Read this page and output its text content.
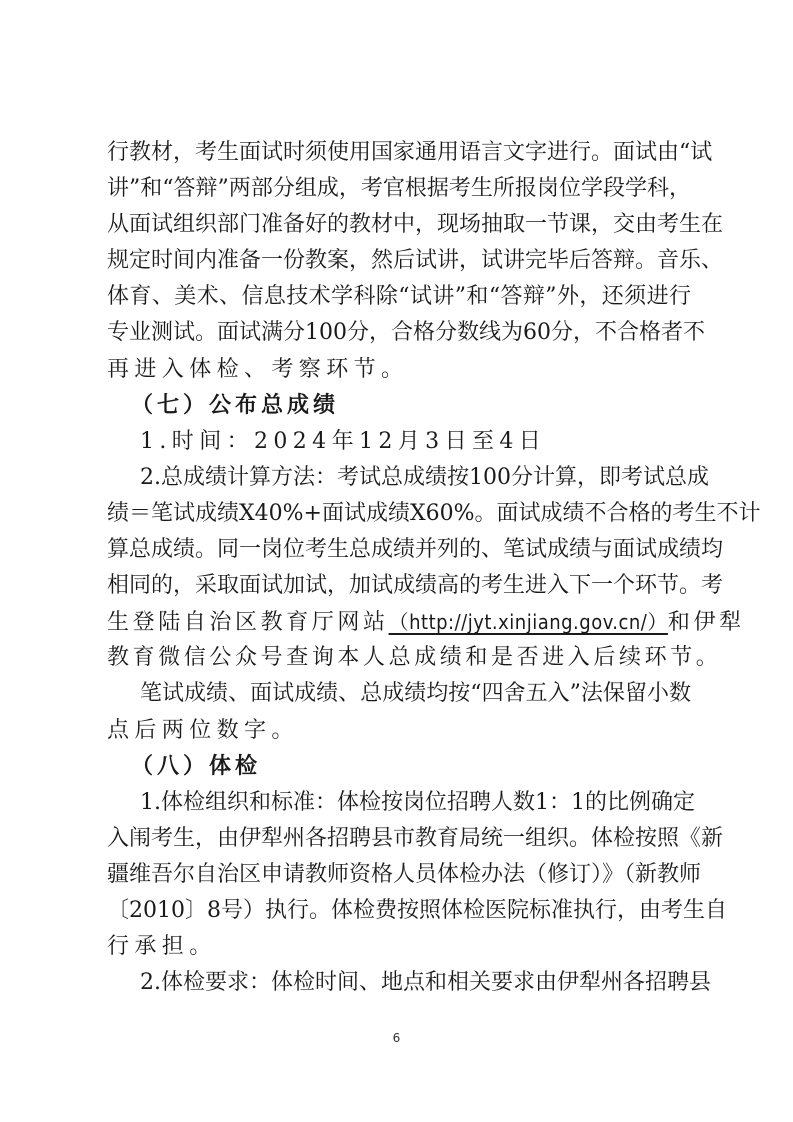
行教材，考生面试时须使用国家通用语言文字进行。面试由“试
讲”和“答辩”两部分组成，考官根据考生所报岗位学段学科，
从面试组织部门准备好的教材中，现场抽取一节课，交由考生在
规定时间内准备一份教案，然后试讲，试讲完毕后答辩。音乐、
体育、美术、信息技术学科除“试讲”和“答辩”外，还须进行
专业测试。面试满分100分，合格分数线为60分，不合格者不
再进入体检、考察环节。
（七）公布总成绩
1.时间：2024年12月3日至4日
2.总成绩计算方法：考试总成绩按100分计算，即考试总成
绩＝笔试成绩X40%+面试成绩X60%。面试成绩不合格的考生不计
算总成绩。同一岗位考生总成绩并列的、笔试成绩与面试成绩均
相同的，采取面试加试，加试成绩高的考生进入下一个环节。考
生登陆自治区教育厅网站（http://jyt.xinjiang.gov.cn/）和伊犁
教育微信公众号查询本人总成绩和是否进入后续环节。
笔试成绩、面试成绩、总成绩均按“四舍五入”法保留小数
点后两位数字。
（八）体检
1.体检组织和标准：体检按岗位招聘人数1：1的比例确定
入闱考生，由伊犁州各招聘县市教育局统一组织。体检按照《新
疆维吾尔自治区申请教师资格人员体检办法（修订）》（新教师
〔2010〕8号）执行。体检费按照体检医院标准执行，由考生自
行承担。
2.体检要求：体检时间、地点和相关要求由伊犁州各招聘县
6
